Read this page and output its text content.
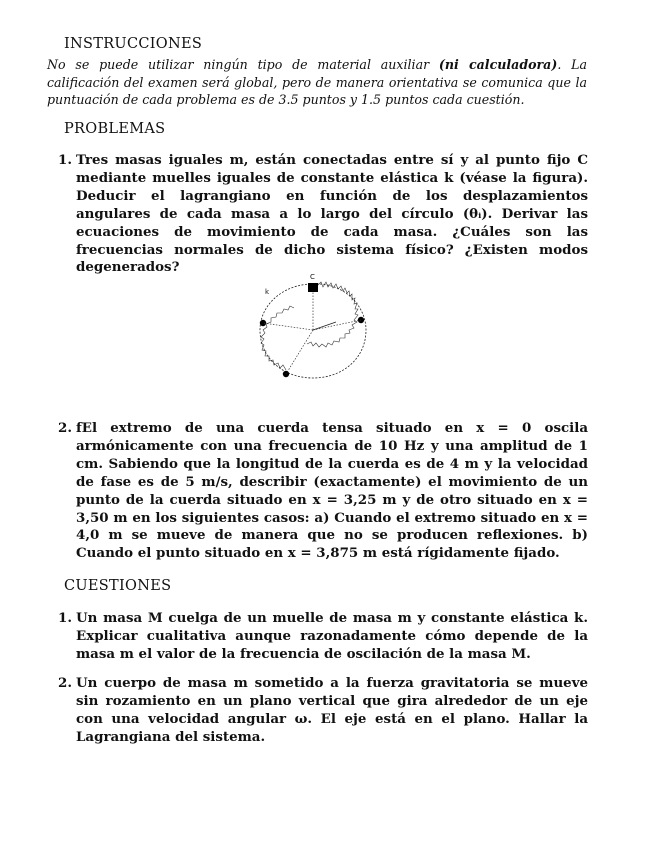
INSTRUCCIONES
No se puede utilizar ningún tipo de material auxiliar (ni calculadora). La calificación del examen será global, pero de manera orientativa se comunica que la puntuación de cada problema es de 3.5 puntos y 1.5 puntos cada cuestión.
PROBLEMAS
1. Tres masas iguales m, están conectadas entre sí y al punto fijo C mediante muelles iguales de constante elástica k (véase la figura). Deducir el lagrangiano en función de los desplazamientos angulares de cada masa a lo largo del círculo (θᵢ). Derivar las ecuaciones de movimiento de cada masa. ¿Cuáles son las frecuencias normales de dicho sistema físico? ¿Existen modos degenerados?
C
k
2. fEl extremo de una cuerda tensa situado en x = 0 oscila armónicamente con una frecuencia de 10 Hz y una amplitud de 1 cm. Sabiendo que la longitud de la cuerda es de 4 m y la velocidad de fase es de 5 m/s, describir (exactamente) el movimiento de un punto de la cuerda situado en x = 3,25 m y de otro situado en x = 3,50 m en los siguientes casos: a) Cuando el extremo situado en x = 4,0 m se mueve de manera que no se producen reflexiones. b) Cuando el punto situado en x = 3,875 m está rígidamente fijado.
CUESTIONES
1. Un masa M cuelga de un muelle de masa m y constante elástica k. Explicar cualitativa aunque razonadamente cómo depende de la masa m el valor de la frecuencia de oscilación de la masa M.
2. Un cuerpo de masa m sometido a la fuerza gravitatoria se mueve sin rozamiento en un plano vertical que gira alrededor de un eje con una velocidad angular ω. El eje está en el plano. Hallar la Lagrangiana del sistema.
